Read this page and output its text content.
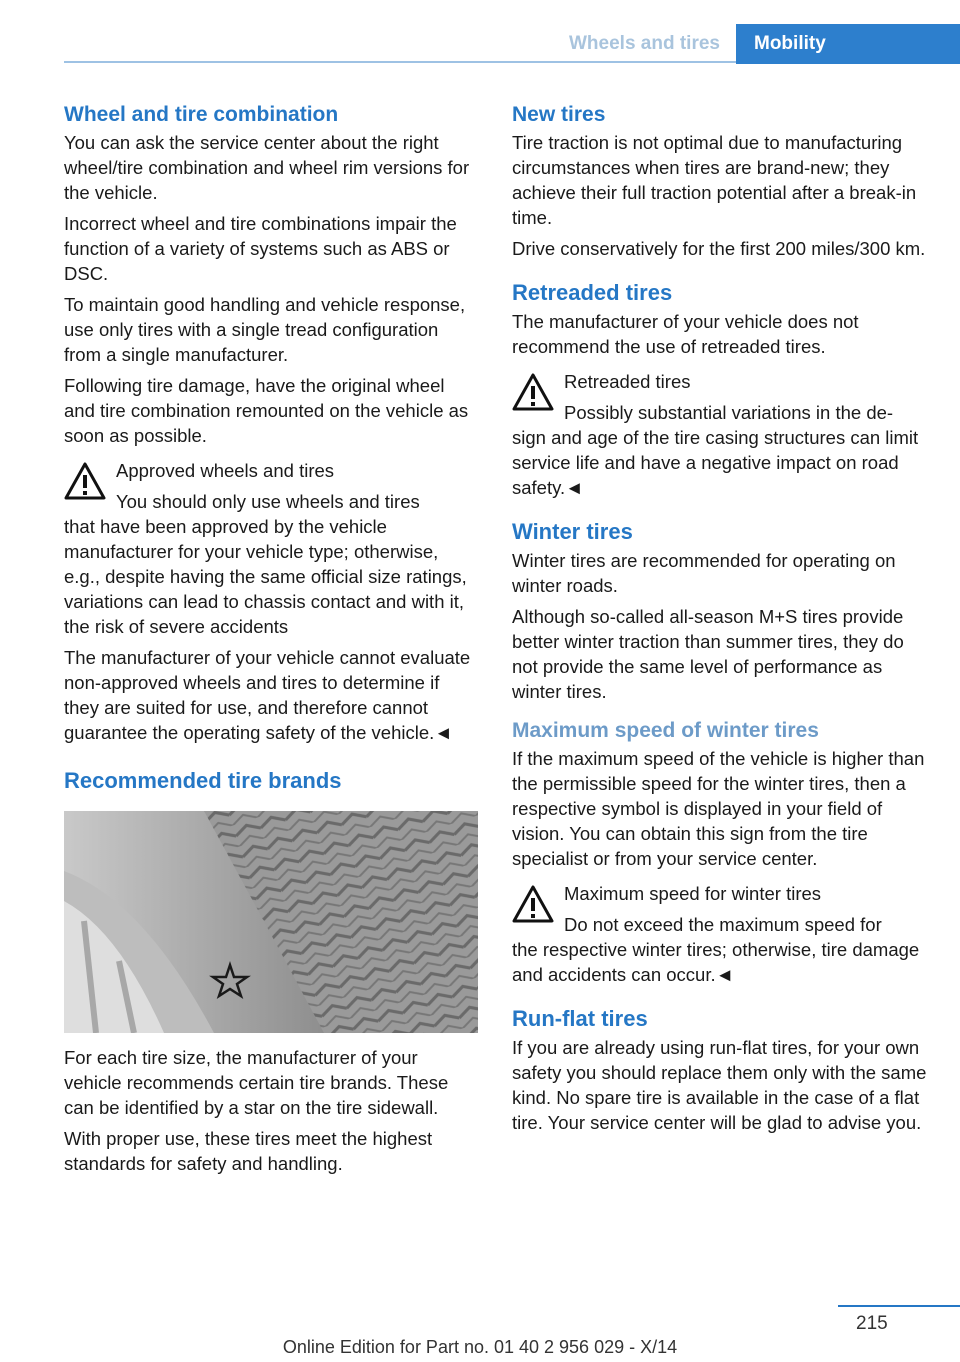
Wheels and tires	Mobility
Wheel and tire combination

You can ask the service center about the right wheel/tire combination and wheel rim versions for the vehicle.

Incorrect wheel and tire combinations impair the function of a variety of systems such as ABS or DSC.

To maintain good handling and vehicle response, use only tires with a single tread configuration from a single manufacturer.

Following tire damage, have the original wheel and tire combination remounted on the vehicle as soon as possible.

Approved wheels and tires

You should only use wheels and tires

that have been approved by the vehicle manufacturer for your vehicle type; otherwise, e.g., despite having the same official size ratings, variations can lead to chassis contact and with it, the risk of severe accidents

The manufacturer of your vehicle cannot evaluate non-approved wheels and tires to determine if they are suited for use, and therefore cannot guarantee the operating safety of the vehicle.◄

Recommended tire brands

For each tire size, the manufacturer of your vehicle recommends certain tire brands. These can be identified by a star on the tire sidewall.

With proper use, these tires meet the highest standards for safety and handling.

New tires

Tire traction is not optimal due to manufacturing circumstances when tires are brand-new; they achieve their full traction potential after a break-in time.

Drive conservatively for the first 200 miles/300 km.

Retreaded tires

The manufacturer of your vehicle does not recommend the use of retreaded tires.

Retreaded tires

Possibly substantial variations in the de-

sign and age of the tire casing structures can limit service life and have a negative impact on road safety.◄

Winter tires

Winter tires are recommended for operating on winter roads.

Although so-called all-season M+S tires provide better winter traction than summer tires, they do not provide the same level of performance as winter tires.

Maximum speed of winter tires

If the maximum speed of the vehicle is higher than the permissible speed for the winter tires, then a respective symbol is displayed in your field of vision. You can obtain this sign from the tire specialist or from your service center.

Maximum speed for winter tires

Do not exceed the maximum speed for

the respective winter tires; otherwise, tire damage and accidents can occur.◄

Run-flat tires

If you are already using run-flat tires, for your own safety you should replace them only with the same kind. No spare tire is available in the case of a flat tire. Your service center will be glad to advise you.

215
Online Edition for Part no. 01 40 2 956 029 - X/14
